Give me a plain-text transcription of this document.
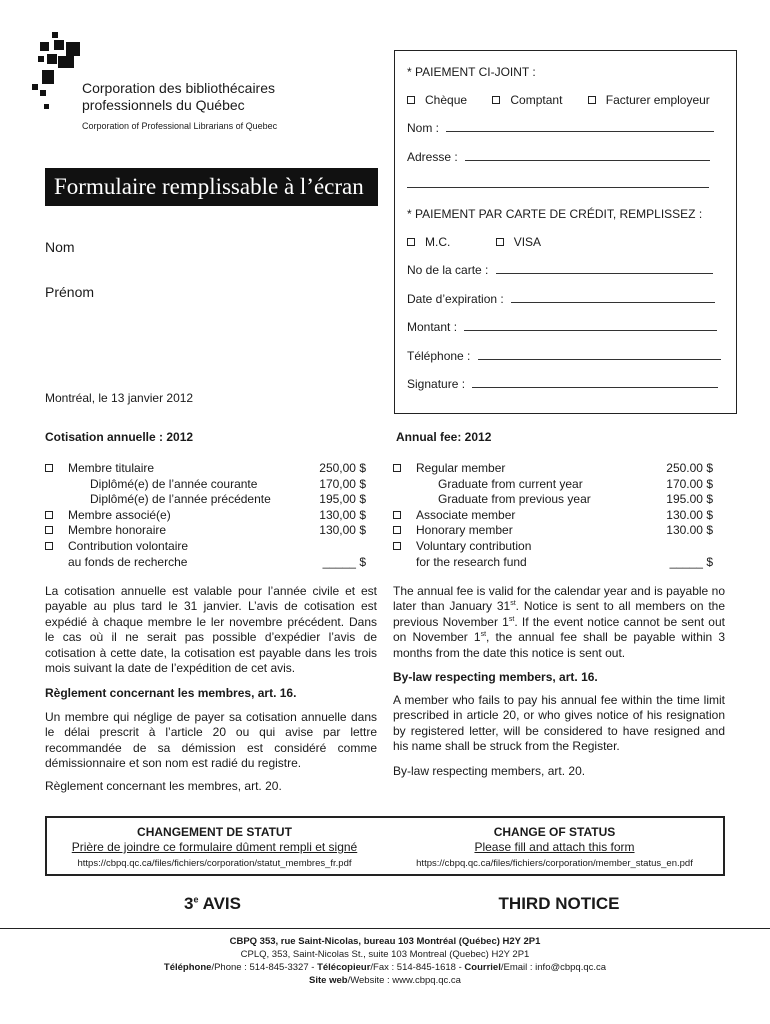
Corporation des bibliothécaires
professionnels du Québec
Corporation of Professional Librarians of Quebec
Formulaire remplissable à l’écran
Nom
Prénom
Montréal, le 13 janvier 2012
* PAIEMENT CI-JOINT :
Chèque	Comptant	Facturer employeur
Nom :
Adresse :
* PAIEMENT PAR CARTE DE CRÉDIT, REMPLISSEZ :
M.C.	VISA
No de la carte :
Date d’expiration :
Montant :
Téléphone :
Signature :
Cotisation annuelle : 2012
Membre titulaire	250,00 $
Diplômé(e) de l’année courante	170,00 $
Diplômé(e) de l’année précédente	195,00 $
Membre associé(e)	130,00 $
Membre honoraire	130,00 $
Contribution volontaire
au fonds de recherche	_____ $
Annual fee: 2012
Regular member	250.00 $
Graduate from current year	170.00 $
Graduate from previous year	195.00 $
Associate member	130.00 $
Honorary member	130.00 $
Voluntary contribution
for the research fund	_____ $
La cotisation annuelle est valable pour l’année civile et est payable au plus tard le 31 janvier. L’avis de cotisation est expédié à chaque membre le ler novembre précédent. Dans le cas où il ne serait pas possible d’expédier l’avis de cotisation à cette date, la cotisation est payable dans les trois mois suivant la date de l’expédition de cet avis.
Règlement concernant les membres, art. 16.
Un membre qui néglige de payer sa cotisation annuelle dans le délai prescrit à l’article 20 ou qui avise par lettre recommandée de sa démission est considéré comme démissionnaire et son nom est radié du registre.
Règlement concernant les membres, art. 20.
The annual fee is valid for the calendar year and is payable no later than January 31st. Notice is sent to all members on the previous November 1st. If the event notice cannot be sent out on November 1st, the annual fee shall be payable within 3 months from the date this notice is sent out.
By-law respecting members, art. 16.
A member who fails to pay his annual fee within the time limit prescribed in article 20, or who gives notice of his resignation by registered letter, will be considered to have resigned and his name shall be struck from the Register.
By-law respecting members, art. 20.
CHANGEMENT DE STATUT
Prière de joindre ce formulaire dûment rempli et signé
https://cbpq.qc.ca/files/fichiers/corporation/statut_membres_fr.pdf
CHANGE OF STATUS
Please fill and attach this form
https://cbpq.qc.ca/files/fichiers/corporation/member_status_en.pdf
3e AVIS	THIRD NOTICE
CBPQ 353, rue Saint-Nicolas, bureau 103 Montréal (Québec) H2Y 2P1
CPLQ, 353, Saint-Nicolas St., suite 103 Montreal (Quebec) H2Y 2P1
Téléphone/Phone : 514-845-3327 - Télécopieur/Fax : 514-845-1618 - Courriel/Email : info@cbpq.qc.ca
Site web/Website : www.cbpq.qc.ca
